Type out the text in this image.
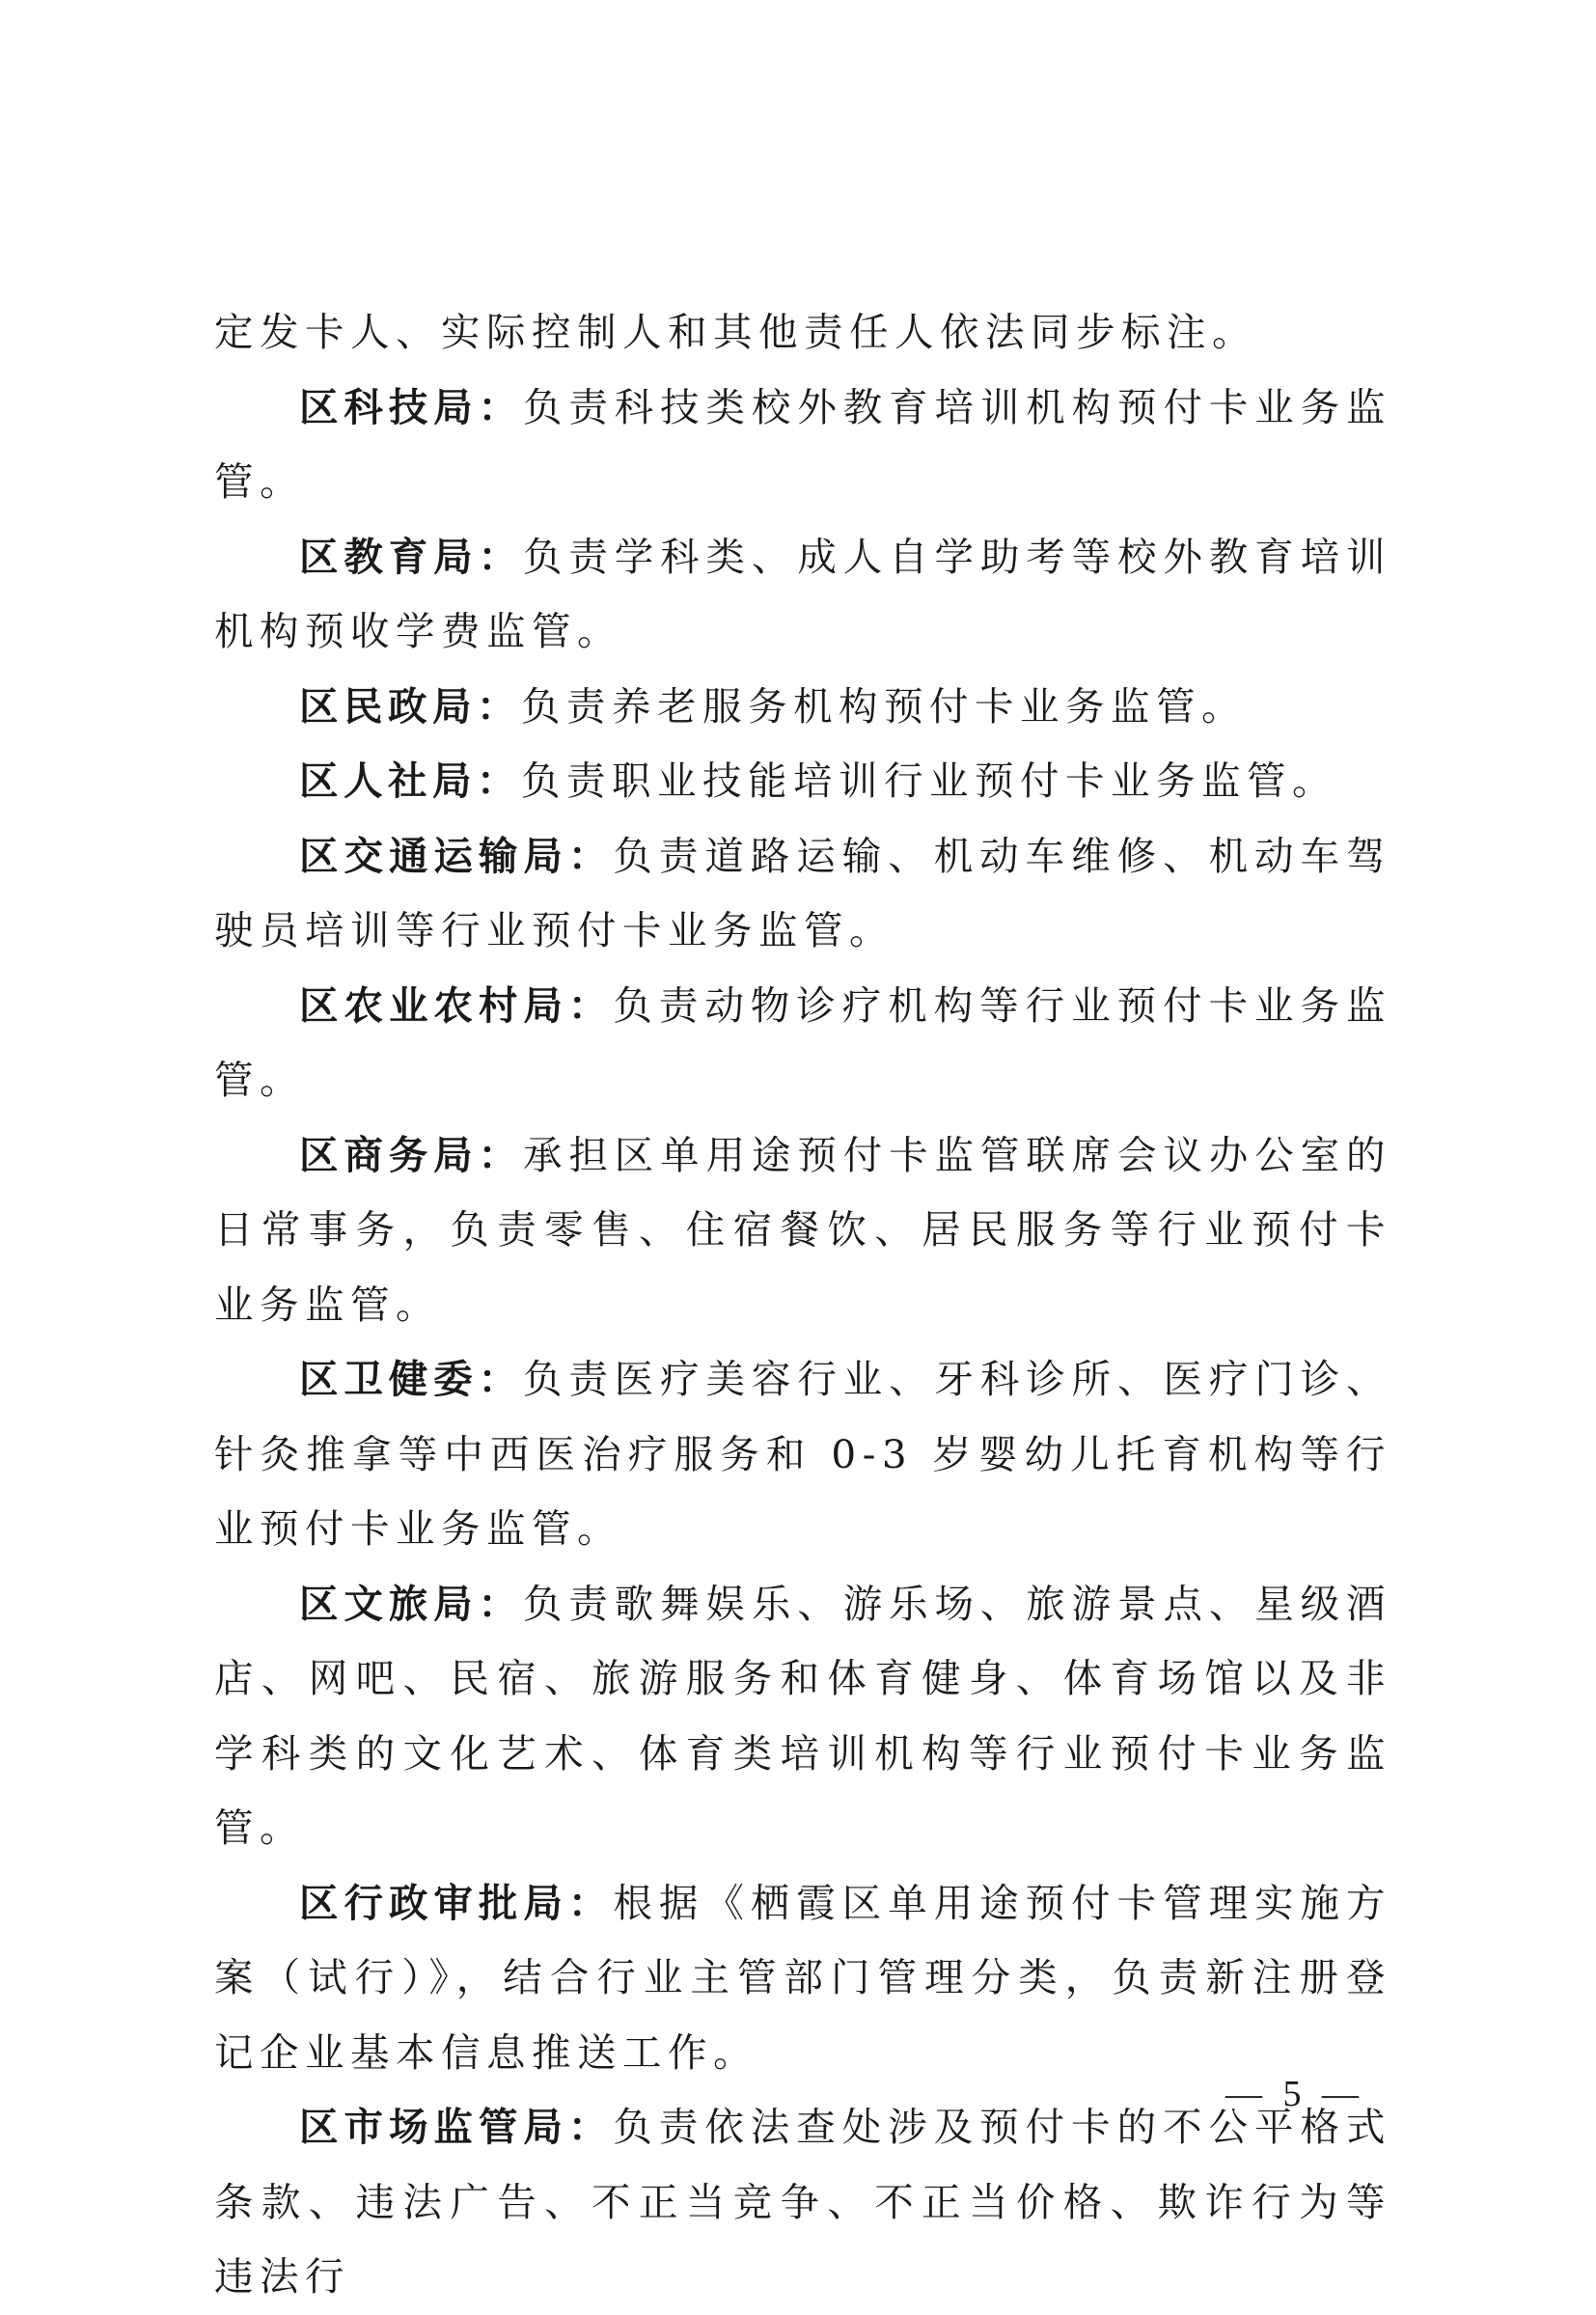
定发卡人、实际控制人和其他责任人依法同步标注。

区科技局：负责科技类校外教育培训机构预付卡业务监管。

区教育局：负责学科类、成人自学助考等校外教育培训机构预收学费监管。

区民政局：负责养老服务机构预付卡业务监管。

区人社局：负责职业技能培训行业预付卡业务监管。

区交通运输局：负责道路运输、机动车维修、机动车驾驶员培训等行业预付卡业务监管。

区农业农村局：负责动物诊疗机构等行业预付卡业务监管。

区商务局：承担区单用途预付卡监管联席会议办公室的日常事务，负责零售、住宿餐饮、居民服务等行业预付卡业务监管。

区卫健委：负责医疗美容行业、牙科诊所、医疗门诊、针灸推拿等中西医治疗服务和 0-3 岁婴幼儿托育机构等行业预付卡业务监管。

区文旅局：负责歌舞娱乐、游乐场、旅游景点、星级酒店、网吧、民宿、旅游服务和体育健身、体育场馆以及非学科类的文化艺术、体育类培训机构等行业预付卡业务监管。

区行政审批局：根据《栖霞区单用途预付卡管理实施方案（试行）》，结合行业主管部门管理分类，负责新注册登记企业基本信息推送工作。

区市场监管局：负责依法查处涉及预付卡的不公平格式条款、违法广告、不正当竞争、不正当价格、欺诈行为等违法行

— 5 —
